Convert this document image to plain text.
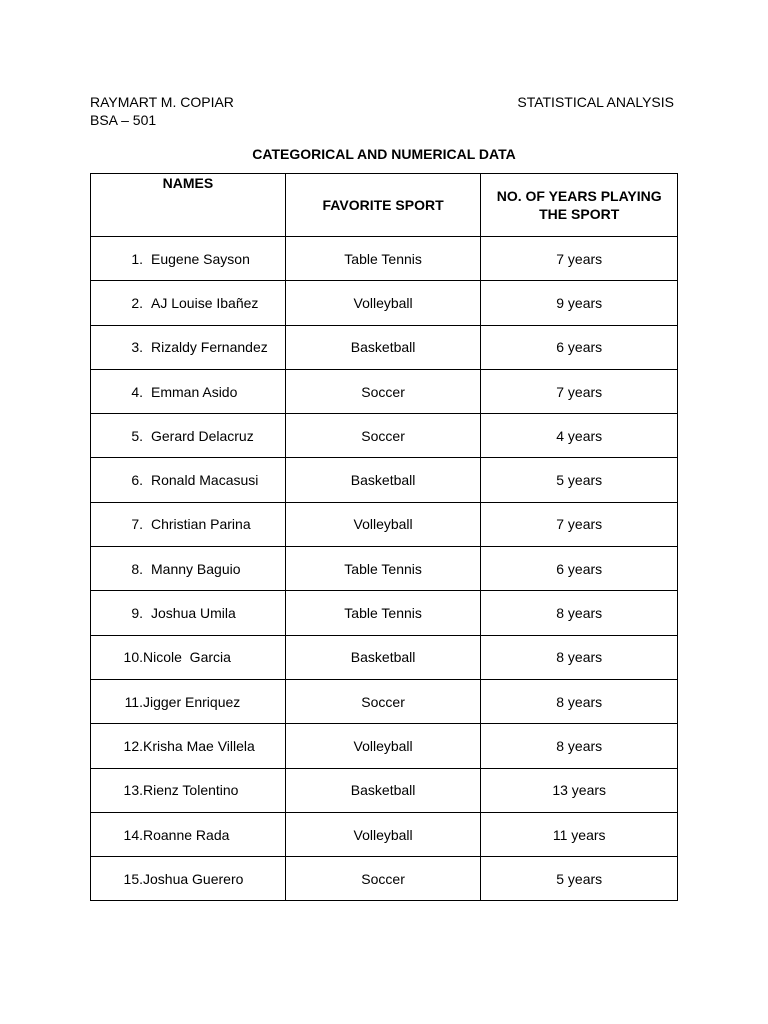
RAYMART M. COPIAR
BSA – 501
STATISTICAL ANALYSIS
CATEGORICAL AND NUMERICAL DATA
NAMES	FAVORITE SPORT	NO. OF YEARS PLAYING
THE SPORT

1. Eugene Sayson	Table Tennis	7 years
2. AJ Louise Ibañez	Volleyball	9 years
3. Rizaldy Fernandez	Basketball	6 years
4. Emman Asido	Soccer	7 years
5. Gerard Delacruz	Soccer	4 years
6. Ronald Macasusi	Basketball	5 years
7. Christian Parina	Volleyball	7 years
8. Manny Baguio	Table Tennis	6 years
9. Joshua Umila	Table Tennis	8 years
10.Nicole  Garcia	Basketball	8 years
11.Jigger Enriquez	Soccer	8 years
12.Krisha Mae Villela	Volleyball	8 years
13.Rienz Tolentino	Basketball	13 years
14.Roanne Rada	Volleyball	11 years
15.Joshua Guerero	Soccer	5 years
